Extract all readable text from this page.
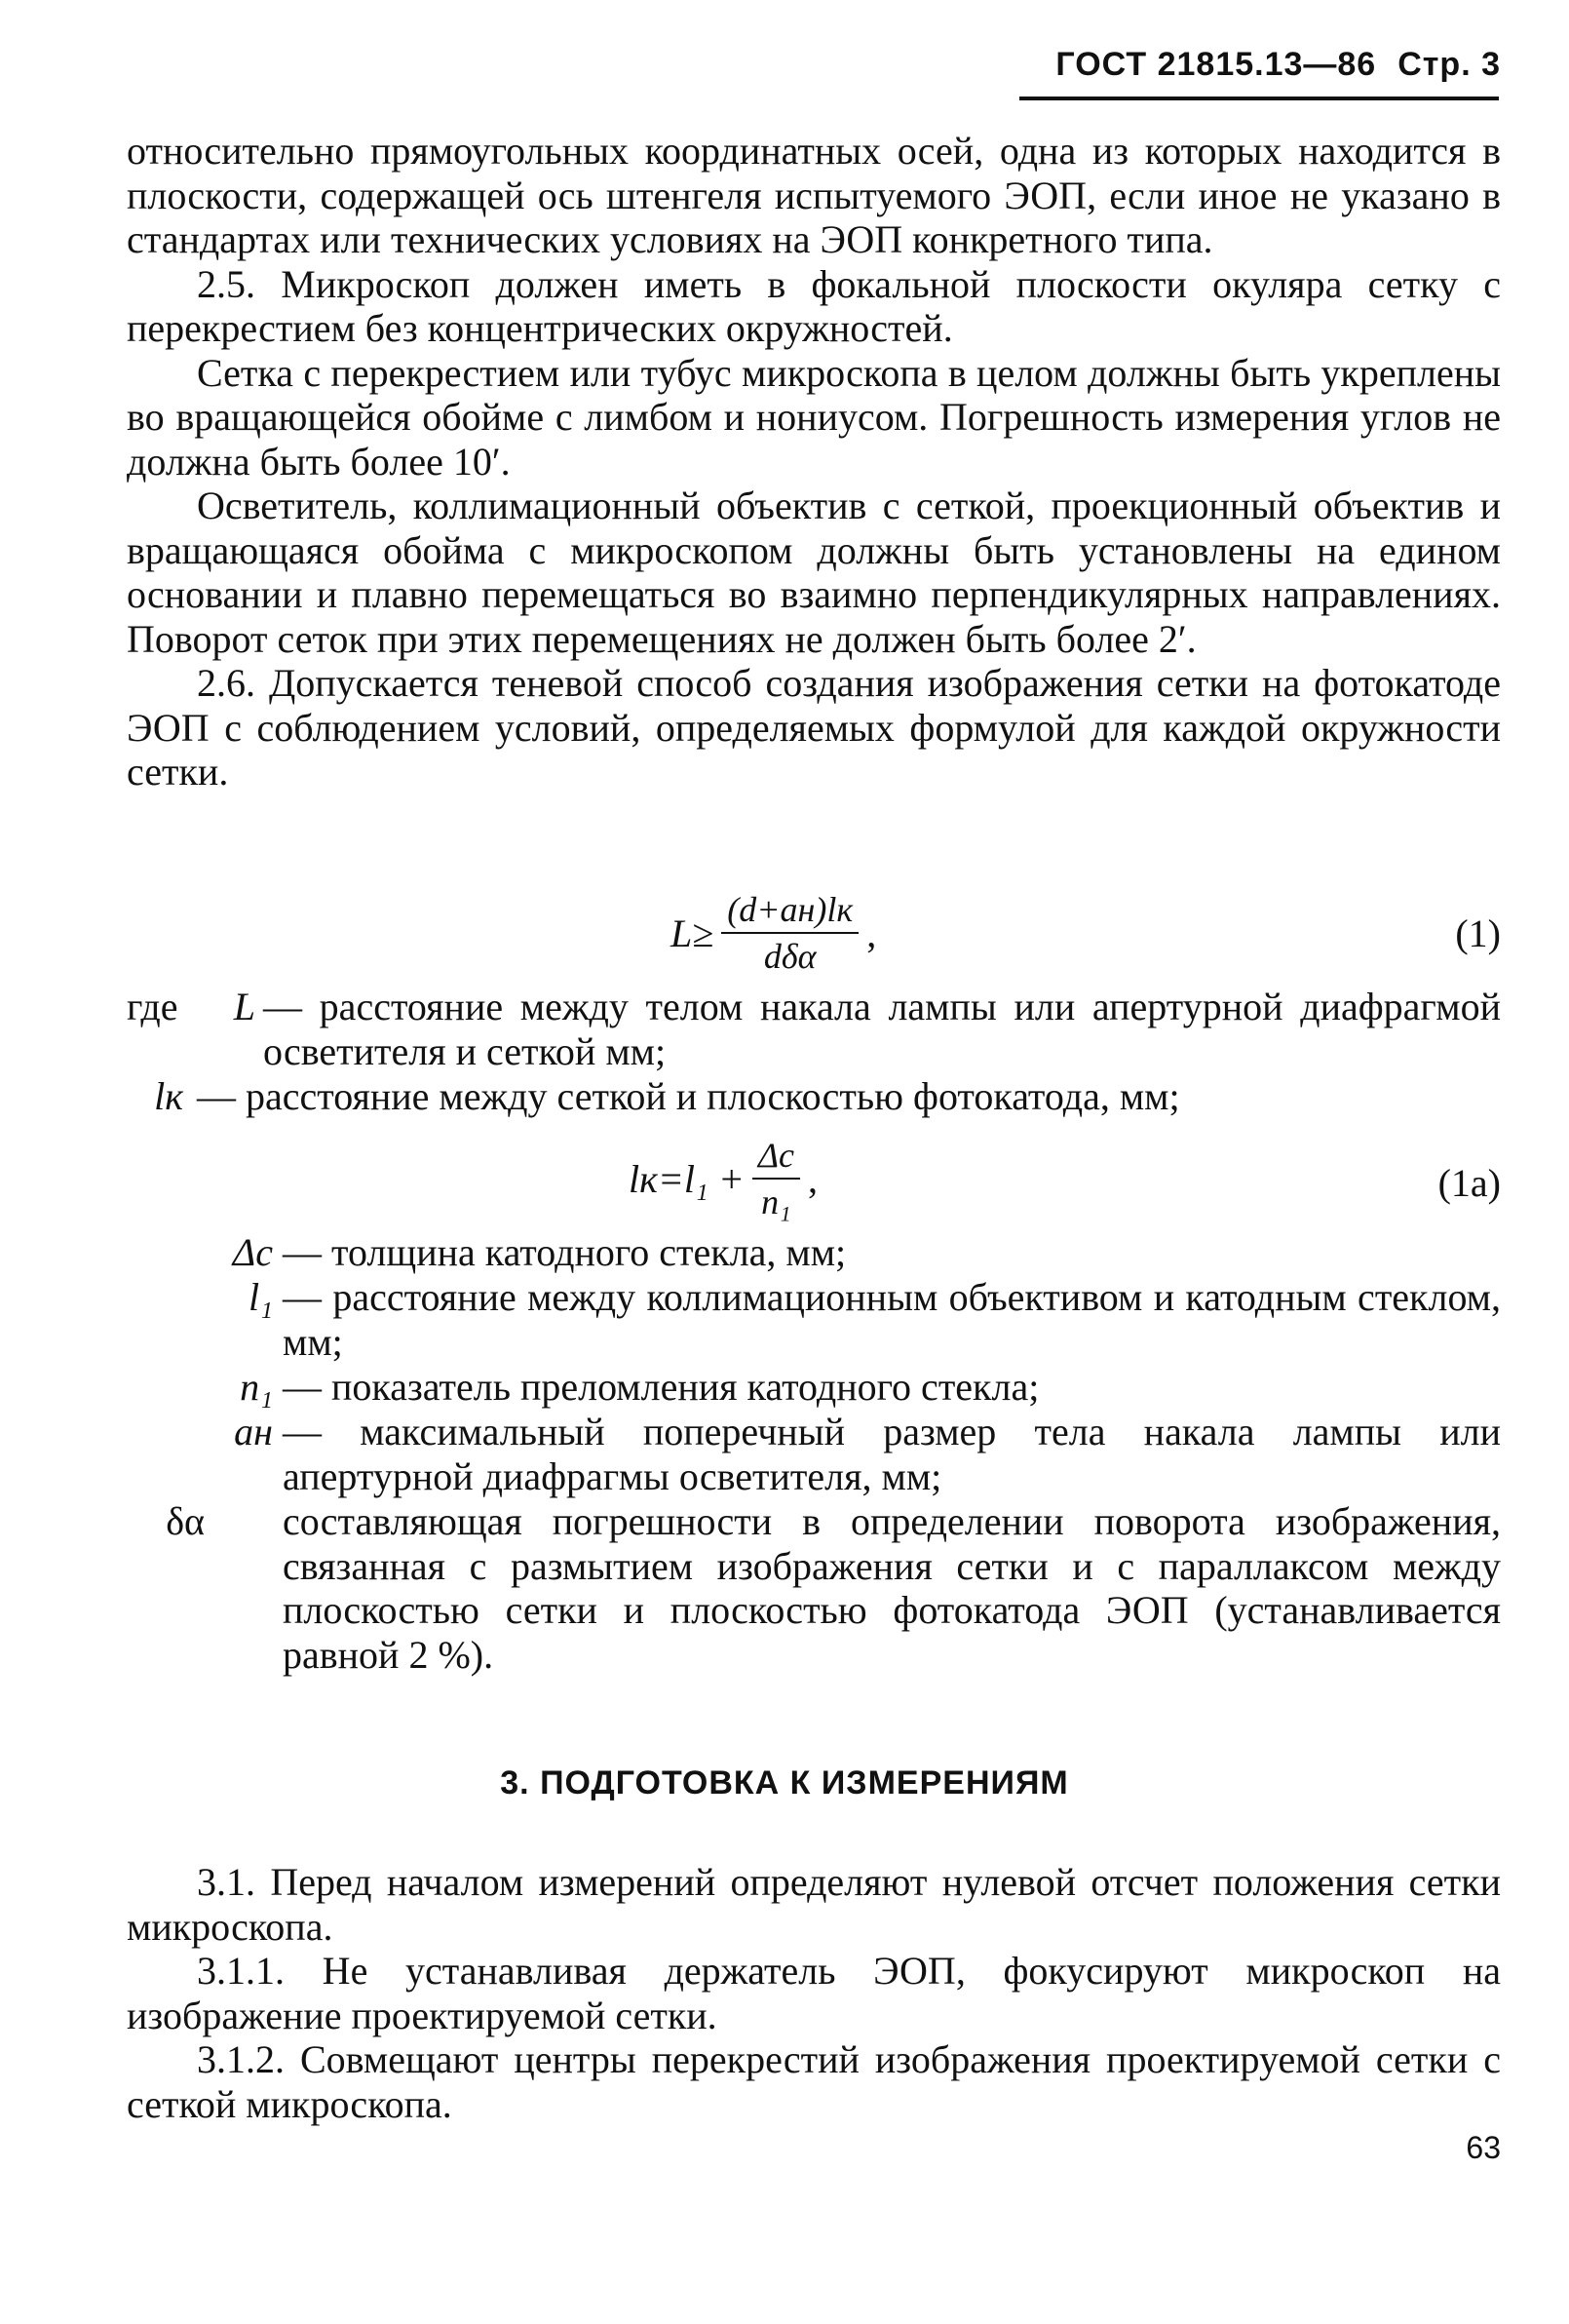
ГОСТ 21815.13—86 Стр. 3

относительно прямоугольных координатных осей, одна из которых находится в плоскости, содержащей ось штенгеля испытуемого ЭОП, если иное не указано в стандартах или технических условиях на ЭОП конкретного типа.

2.5. Микроскоп должен иметь в фокальной плоскости окуляра сетку с перекрестием без концентрических окружностей.

Сетка с перекрестием или тубус микроскопа в целом должны быть укреплены во вращающейся обойме с лимбом и нониусом. Погрешность измерения углов не должна быть более 10′.

Осветитель, коллимационный объектив с сеткой, проекционный объектив и вращающаяся обойма с микроскопом должны быть установлены на едином основании и плавно перемещаться во взаимно перпендикулярных направлениях. Поворот сеток при этих перемещениях не должен быть более 2′.

2.6. Допускается теневой способ создания изображения сетки на фотокатоде ЭОП с соблюдением условий, определяемых формулой для каждой окружности сетки.

$L\ge \frac{(d+aн)lк}{\text{dδα}}$ ,	(1)
где	L — расстояние между телом накала лампы или апертурной диафрагмой осветителя и сеткой мм;
lк — расстояние между сеткой и плоскостью фотокатода, мм;
$lк=l_1 + \frac{\Delta c}{\text{n₁}}$ ,	(1а)
Δc — толщина катодного стекла, мм;
l₁ — расстояние между коллимационным объективом и катодным стеклом, мм;
n₁ — показатель преломления катодного стекла;
aн — максимальный поперечный размер тела накала лампы или апертурной диафрагмы осветителя, мм;
δα составляющая погрешности в определении поворота изображения, связанная с размытием изображения сетки и с параллаксом между плоскостью сетки и плоскостью фотокатода ЭОП (устанавливается равной 2 %).
3. ПОДГОТОВКА К ИЗМЕРЕНИЯМ

3.1. Перед началом измерений определяют нулевой отсчет положения сетки микроскопа.

3.1.1. Не устанавливая держатель ЭОП, фокусируют микроскоп на изображение проектируемой сетки.

3.1.2. Совмещают центры перекрестий изображения проектируемой сетки с сеткой микроскопа.

63
